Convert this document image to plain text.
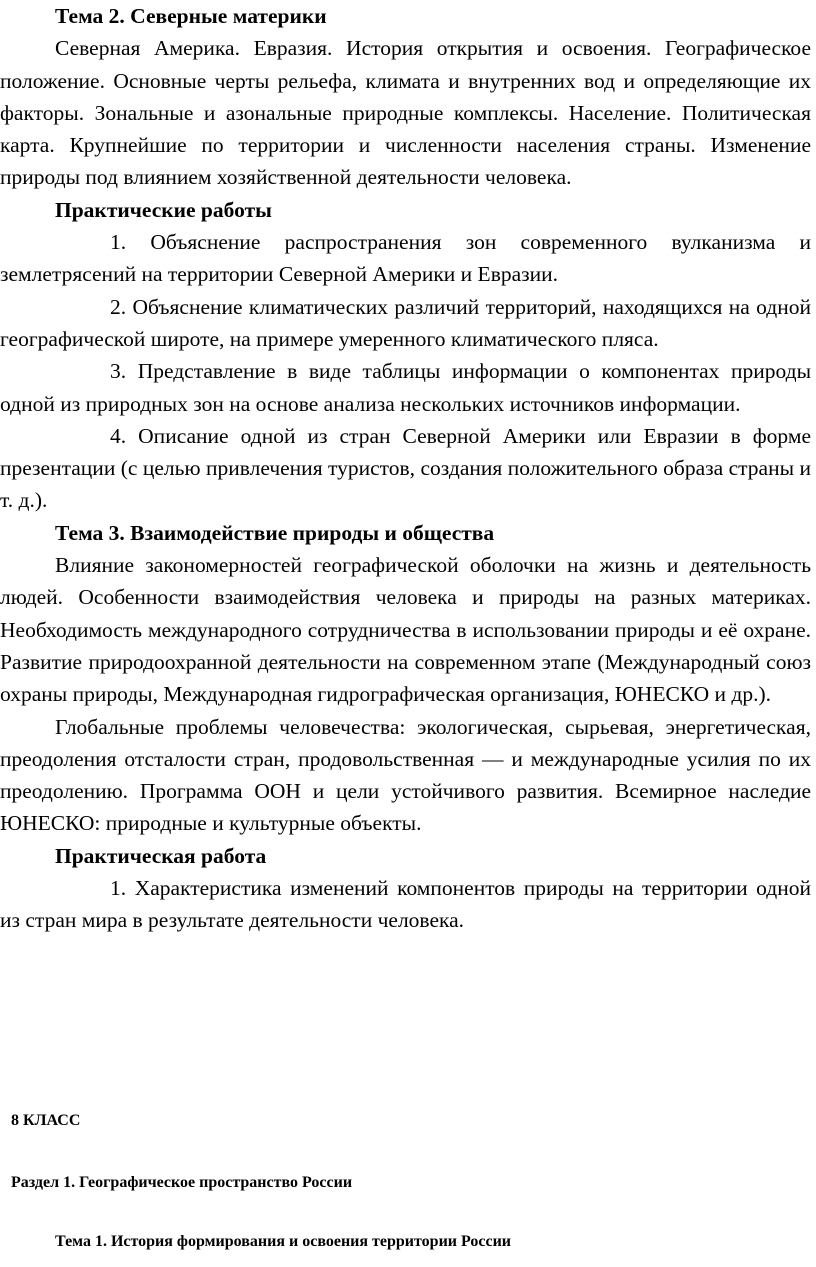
Тема 2. Северные материки

Северная Америка. Евразия. История открытия и освоения. Географическое положение. Основные черты рельефа, климата и внутренних вод и определяющие их факторы. Зональные и азональные природные комплексы. Население. Политическая карта. Крупнейшие по территории и численности населения страны. Изменение природы под влиянием хозяйственной деятельности человека.

Практические работы

1. Объяснение распространения зон современного вулканизма и землетрясений на территории Северной Америки и Евразии.

2. Объяснение климатических различий территорий, находящихся на одной географической широте, на примере умеренного климатического пляса.

3. Представление в виде таблицы информации о компонентах природы одной из природных зон на основе анализа нескольких источников информации.

4. Описание одной из стран Северной Америки или Евразии в форме презентации (с целью привлечения туристов, создания положительного образа страны и т. д.).

Тема 3. Взаимодействие природы и общества

Влияние закономерностей географической оболочки на жизнь и деятельность людей. Особенности взаимодействия человека и природы на разных материках. Необходимость международного сотрудничества в использовании природы и её охране. Развитие природоохранной деятельности на современном этапе (Международный союз охраны природы, Международная гидрографическая организация, ЮНЕСКО и др.).

Глобальные проблемы человечества: экологическая, сырьевая, энергетическая, преодоления отсталости стран, продовольственная — и международные усилия по их преодолению. Программа ООН и цели устойчивого развития. Всемирное наследие ЮНЕСКО: природные и культурные объекты.

Практическая работа

1. Характеристика изменений компонентов природы на территории одной из стран мира в результате деятельности человека.

8 КЛАСС
Раздел 1. Географическое пространство России
Тема 1. История формирования и освоения территории России
